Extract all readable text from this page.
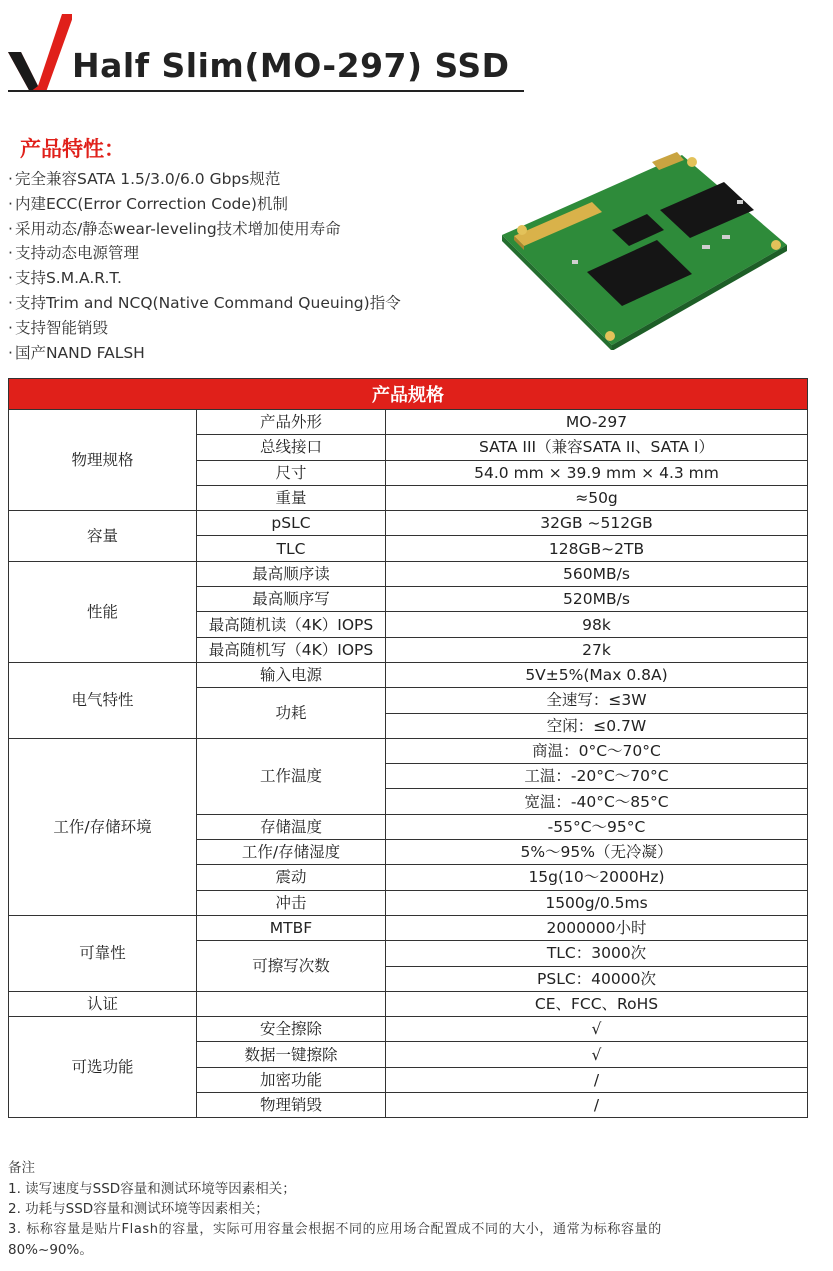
Half Slim(MO-297) SSD
产品特性：
· 完全兼容SATA 1.5/3.0/6.0 Gbps规范
· 内建ECC(Error Correction Code)机制
· 采用动态/静态wear-leveling技术增加使用寿命
· 支持动态电源管理
· 支持S.M.A.R.T.
· 支持Trim and NCQ(Native Command Queuing)指令
· 支持智能销毁
· 国产NAND FALSH
产品规格		
物理规格	产品外形	MO-297
	总线接口	SATA III（兼容SATA II、SATA Ⅰ）
	尺寸	54.0 mm × 39.9 mm × 4.3 mm
	重量	≈50g
容量	pSLC	32GB ~512GB
	TLC	128GB~2TB
性能	最高顺序读	560MB/s
	最高顺序写	520MB/s
	最高随机读（4K）IOPS	98k
	最高随机写（4K）IOPS	27k
电气特性	输入电源	5V±5%(Max 0.8A)
	功耗	全速写：≤3W
		空闲：≤0.7W
工作/存储环境	工作温度	商温：0°C～70°C
		工温：-20°C～70°C
		宽温：-40°C～85°C
	存储温度	-55°C～95°C
	工作/存储湿度	5%～95%（无冷凝）
	震动	15g(10～2000Hz)
	冲击	1500g/0.5ms
可靠性	MTBF	2000000小时
	可擦写次数	TLC：3000次
		PSLC：40000次
认证		CE、FCC、RoHS
可选功能	安全擦除	√
	数据一键擦除	√
	加密功能	/
	物理销毁	/

备注

1. 读写速度与SSD容量和测试环境等因素相关；

2. 功耗与SSD容量和测试环境等因素相关；

3. 标称容量是贴片Flash的容量，实际可用容量会根据不同的应用场合配置成不同的大小，通常为标称容量的

80%~90%。
